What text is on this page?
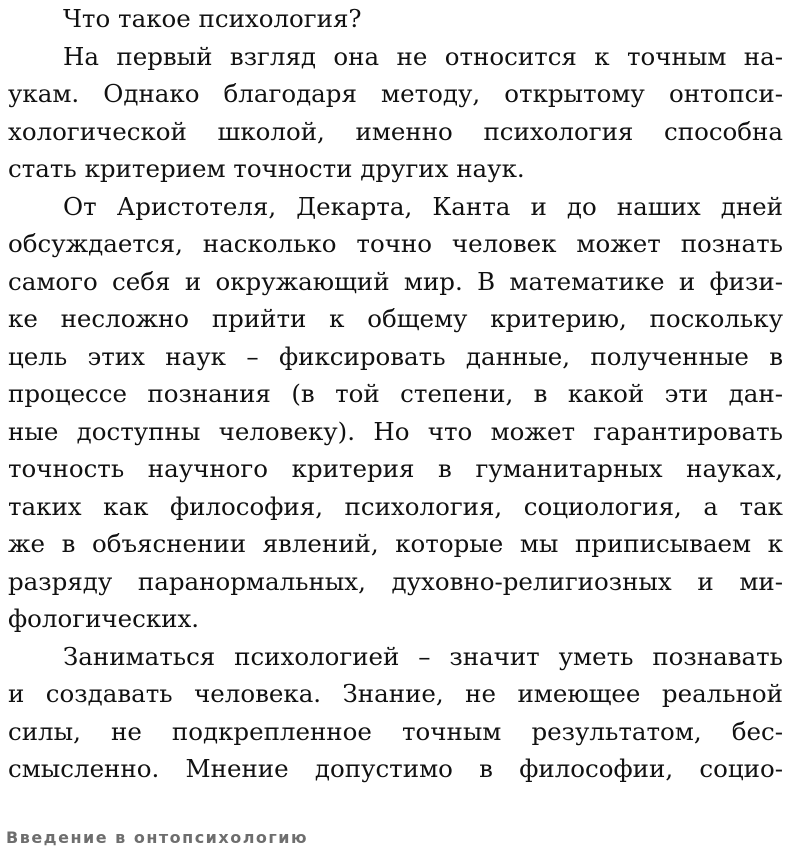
Что такое психология?
На первый взгляд она не относится к точным на-
укам. Однако благодаря методу, открытому онтопси-
хологической школой, именно психология способна
стать критерием точности других наук.
От Аристотеля, Декарта, Канта и до наших дней
обсуждается, насколько точно человек может познать
самого себя и окружающий мир. В математике и физи-
ке несложно прийти к общему критерию, поскольку
цель этих наук – фиксировать данные, полученные в
процессе познания (в той степени, в какой эти дан-
ные доступны человеку). Но что может гарантировать
точность научного критерия в гуманитарных науках,
таких как философия, психология, социология, а так
же в объяснении явлений, которые мы приписываем к
разряду паранормальных, духовно-религиозных и ми-
фологических.
Заниматься психологией – значит уметь познавать
и создавать человека. Знание, не имеющее реальной
силы, не подкрепленное точным результатом, бес-
смысленно. Мнение допустимо в философии, социо-
Введение в онтопсихологию
